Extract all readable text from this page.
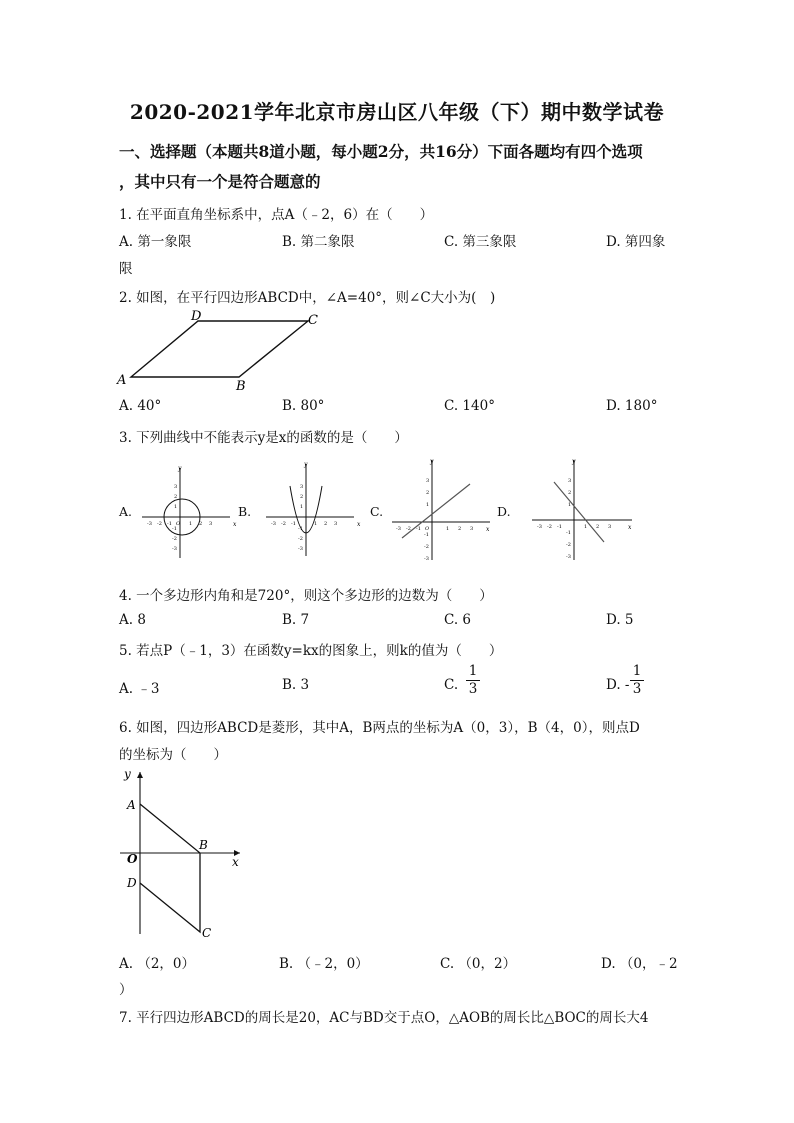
2020-2021学年北京市房山区八年级（下）期中数学试卷
一、选择题（本题共8道小题，每小题2分，共16分）下面各题均有四个选项
，其中只有一个是符合题意的
1. 在平面直角坐标系中，点A（﹣2，6）在（　　）
A. 第一象限	B. 第二象限	C. 第三象限	D. 第四象
限
2. 如图，在平行四边形ABCD中，∠A=40°，则∠C大小为(　)
A	B
C
D
A. 40°	B. 80°	C. 140°	D. 180°
3. 下列曲线中不能表示y是x的函数的是（　　）
A.
x
y
-3 -2 -1 O 1 2 3
3
2
1
-1
-2
-3
B.
x
y
-3 -2 -1	1 2 3
3
2
1
-1
-2
-3
C.
x
y
-3 -2 -1 O	1 2 3
3
2
1
-1
-2
-3
D.
x
y
-3 -2 -1	1 2 3
3
2
1
-1
-2
-3
4. 一个多边形内角和是720°，则这个多边形的边数为（　　）
A. 8	B. 7	C. 6	D. 5
5. 若点P（﹣1，3）在函数y=kx的图象上，则k的值为（　　）
A. ﹣3	B. 3	C.
1
3	D. -
1
3
6. 如图，四边形ABCD是菱形，其中A，B两点的坐标为A（0，3），B（4，0），则点D
的坐标为（　　）
y
x
O
A
B
C
D
A. （2，0）	B. （﹣2，0）	C. （0，2）	D. （0，﹣2
）
7. 平行四边形ABCD的周长是20，AC与BD交于点O，△AOB的周长比△BOC的周长大4
